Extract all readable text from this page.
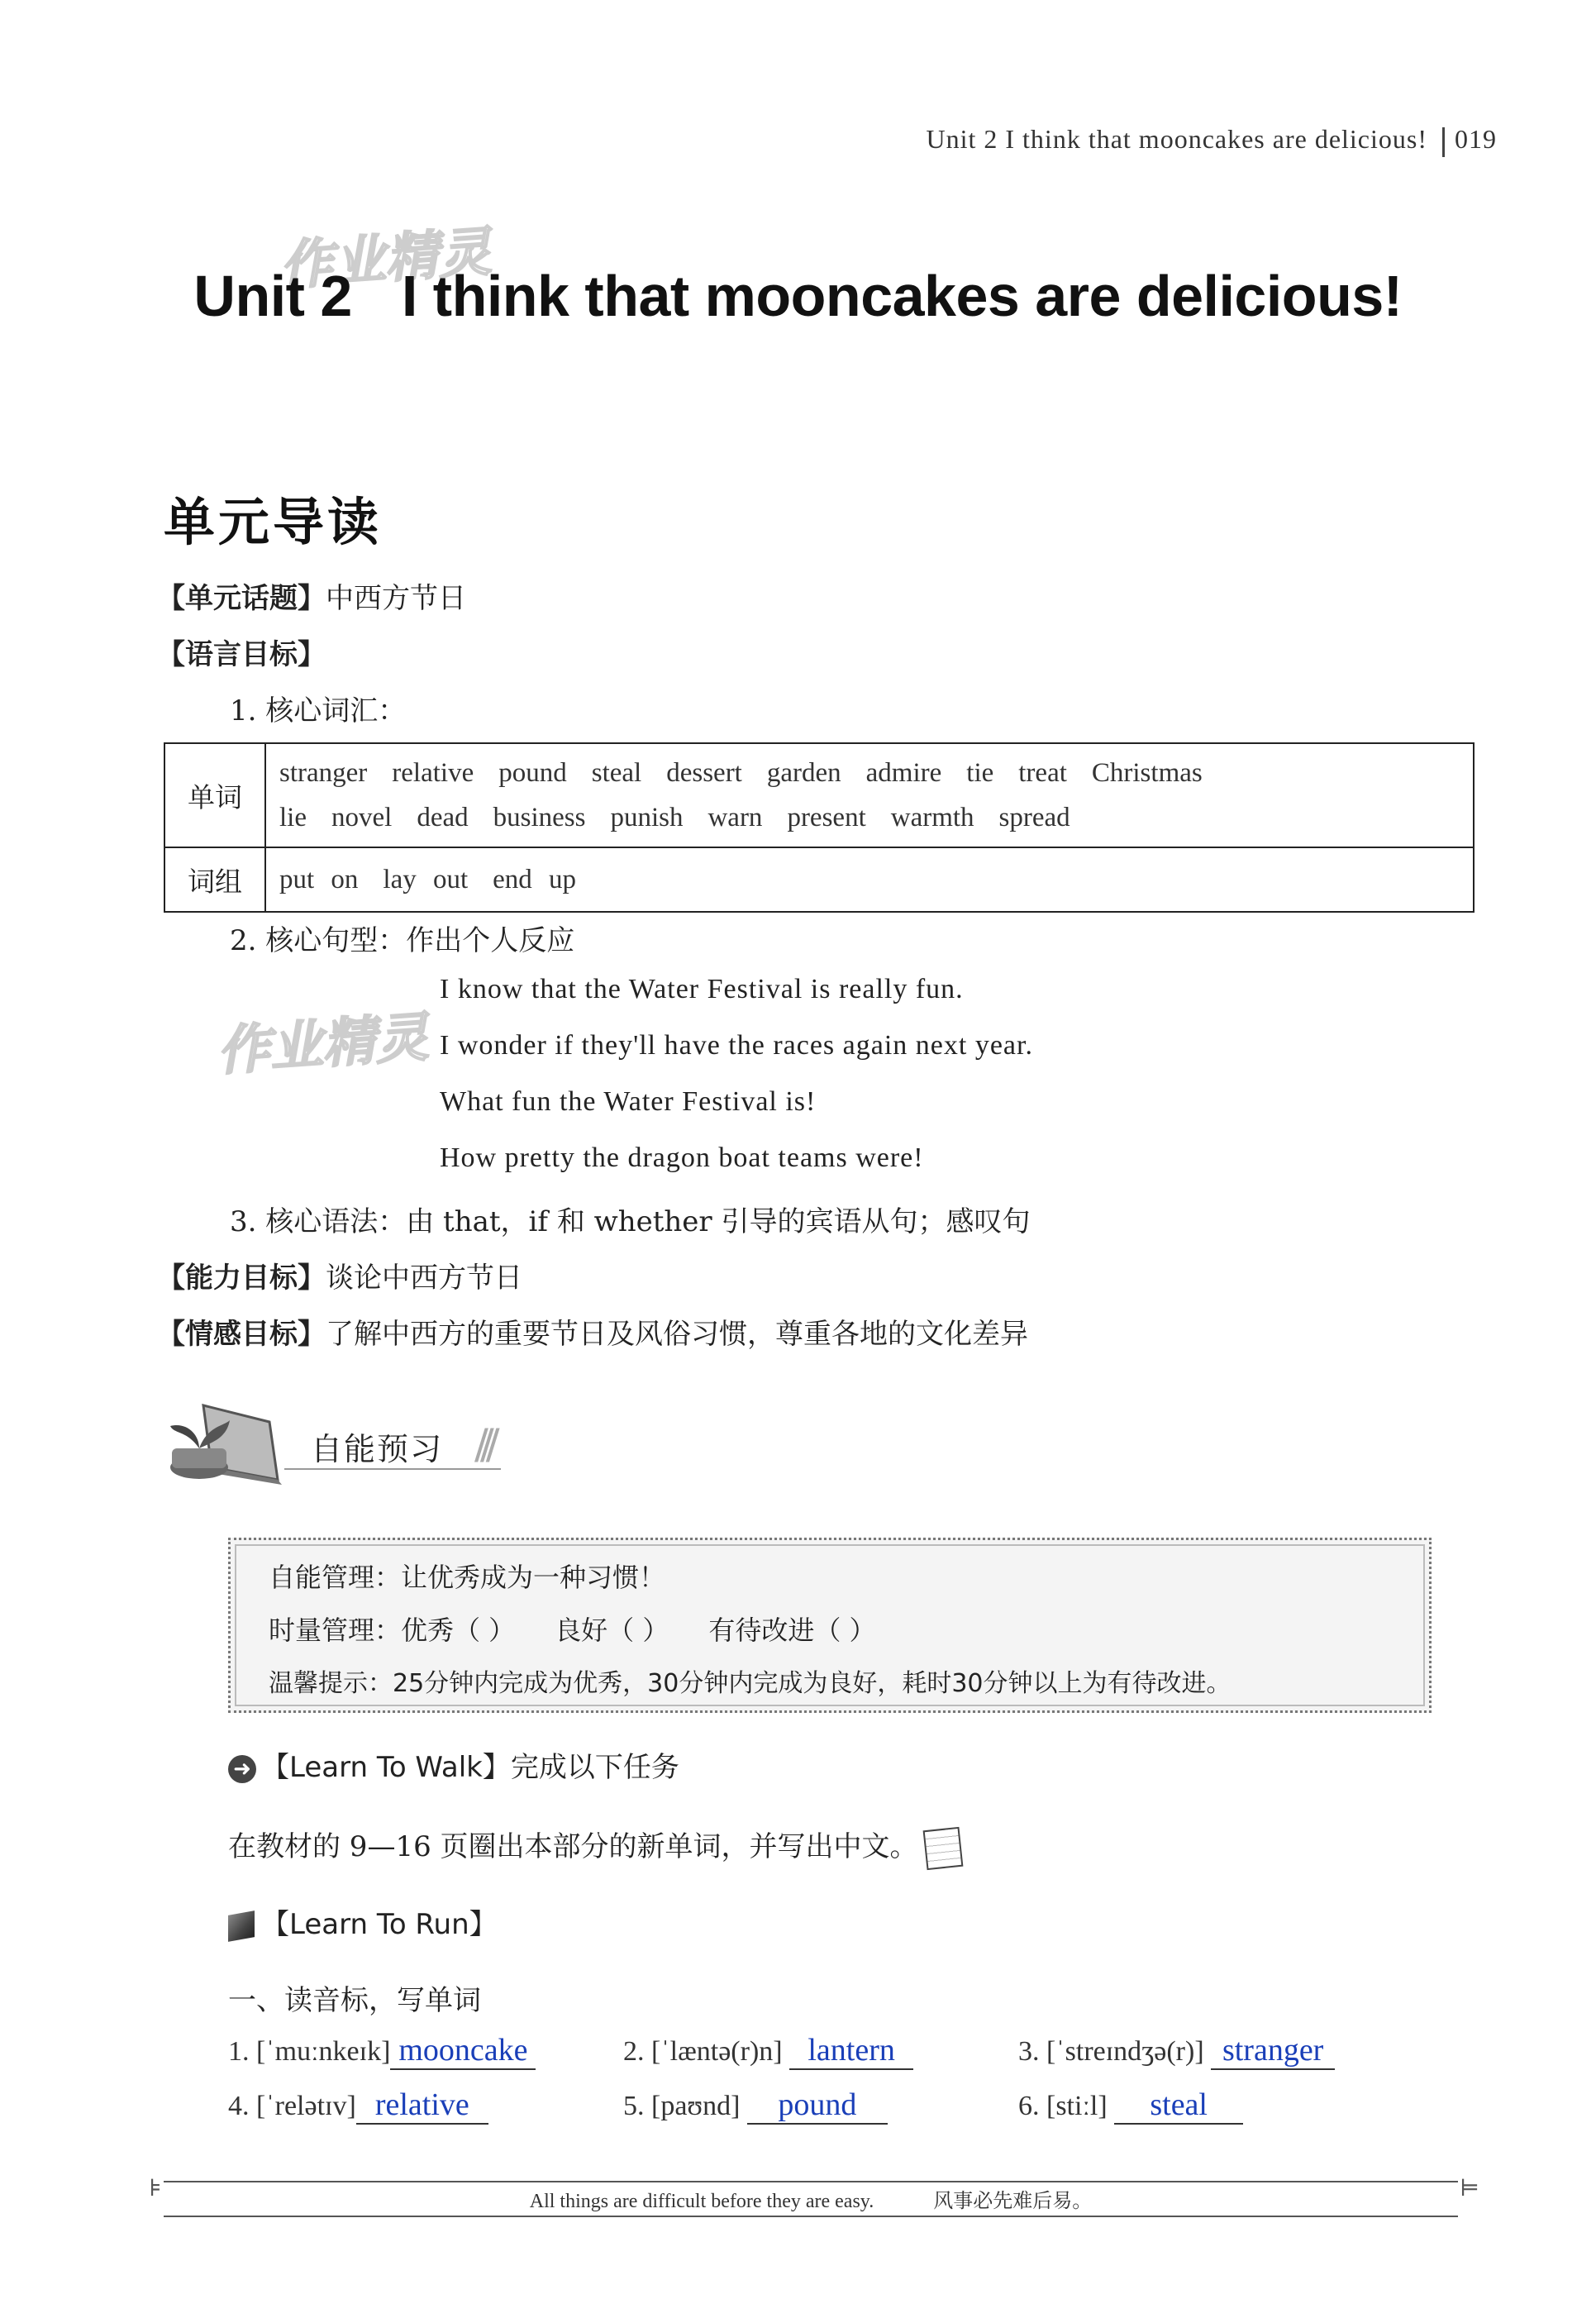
Unit 2 I think that mooncakes are delicious! 019
作业精灵
作业精灵
Unit 2 I think that mooncakes are delicious!
单元导读
【单元话题】中西方节日
【语言目标】
1. 核心词汇：
单词	stranger relative pound steal dessert garden admire tie treat Christmas
lie novel dead business punish warn present warmth spread

词组	put on lay out end up
2. 核心句型：作出个人反应
I know that the Water Festival is really fun.
I wonder if they'll have the races again next year.
What fun the Water Festival is!
How pretty the dragon boat teams were!
3. 核心语法：由 that，if 和 whether 引导的宾语从句；感叹句
【能力目标】谈论中西方节日
【情感目标】了解中西方的重要节日及风俗习惯，尊重各地的文化差异
自能预习 ///
自能管理：让优秀成为一种习惯！
时量管理：优秀（ ）　　良好（ ）　　有待改进（ ）
温馨提示：25分钟内完成为优秀，30分钟内完成为良好，耗时30分钟以上为有待改进。
➜ 【Learn To Walk】完成以下任务
在教材的 9—16 页圈出本部分的新单词，并写出中文。
【Learn To Run】
一、读音标，写单词
1. [ˈmuːnkeɪk] mooncake	2. [ˈlæntə(r)n] lantern	3. [ˈstreɪndʒə(r)] stranger
4. [ˈrelətɪv] relative	5. [paʊnd] pound	6. [stiːl] steal
⊧	All things are difficult before they are easy.　　　风事必先难后易。	⊨
